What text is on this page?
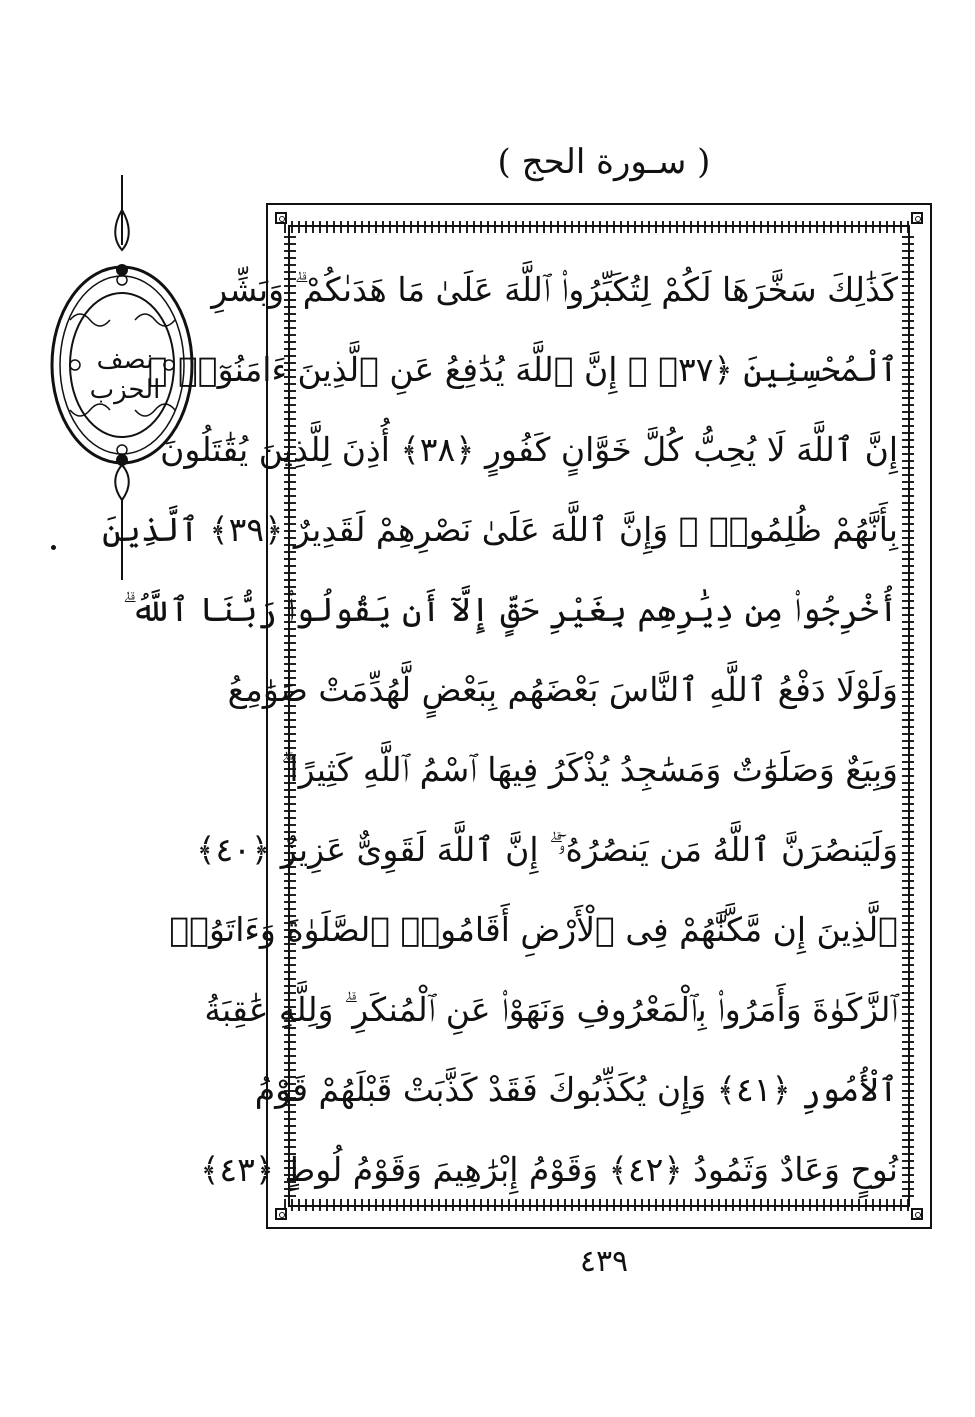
( سـورة الحج )
نصف
الحزب
كَذَٰلِكَ سَخَّرَهَا لَكُمْ لِتُكَبِّرُوا۟ ٱللَّهَ عَلَىٰ مَا هَدَىٰكُمْ ۗ وَبَشِّرِ
ٱلْمُحْسِنِينَ ﴿٣٧﴾ ۞ إِنَّ ٱللَّهَ يُدَٰفِعُ عَنِ ٱلَّذِينَ ءَامَنُوٓا۟ ۗ
إِنَّ ٱللَّهَ لَا يُحِبُّ كُلَّ خَوَّانٍ كَفُورٍ ﴿٣٨﴾ أُذِنَ لِلَّذِينَ يُقَٰتَلُونَ
بِأَنَّهُمْ ظُلِمُوا۟ ۚ وَإِنَّ ٱللَّهَ عَلَىٰ نَصْرِهِمْ لَقَدِيرٌ ﴿٣٩﴾ ٱلَّذِينَ
أُخْرِجُوا۟ مِن دِيَٰرِهِم بِغَيْرِ حَقٍّ إِلَّآ أَن يَقُولُوا۟ رَبُّنَا ٱللَّهُ ۗ
وَلَوْلَا دَفْعُ ٱللَّهِ ٱلنَّاسَ بَعْضَهُم بِبَعْضٍ لَّهُدِّمَتْ صَوَٰمِعُ
وَبِيَعٌ وَصَلَوَٰتٌ وَمَسَٰجِدُ يُذْكَرُ فِيهَا ٱسْمُ ٱللَّهِ كَثِيرًا ۗ
وَلَيَنصُرَنَّ ٱللَّهُ مَن يَنصُرُهُۥٓ ۗ إِنَّ ٱللَّهَ لَقَوِىٌّ عَزِيزٌ ﴿٤٠﴾
ٱلَّذِينَ إِن مَّكَّنَّٰهُمْ فِى ٱلْأَرْضِ أَقَامُوا۟ ٱلصَّلَوٰةَ وَءَاتَوُا۟
ٱلزَّكَوٰةَ وَأَمَرُوا۟ بِٱلْمَعْرُوفِ وَنَهَوْا۟ عَنِ ٱلْمُنكَرِ ۗ وَلِلَّهِ عَٰقِبَةُ
ٱلْأُمُورِ ﴿٤١﴾ وَإِن يُكَذِّبُوكَ فَقَدْ كَذَّبَتْ قَبْلَهُمْ قَوْمُ
نُوحٍ وَعَادٌ وَثَمُودُ ﴿٤٢﴾ وَقَوْمُ إِبْرَٰهِيمَ وَقَوْمُ لُوطٍ ﴿٤٣﴾
٤٣٩
